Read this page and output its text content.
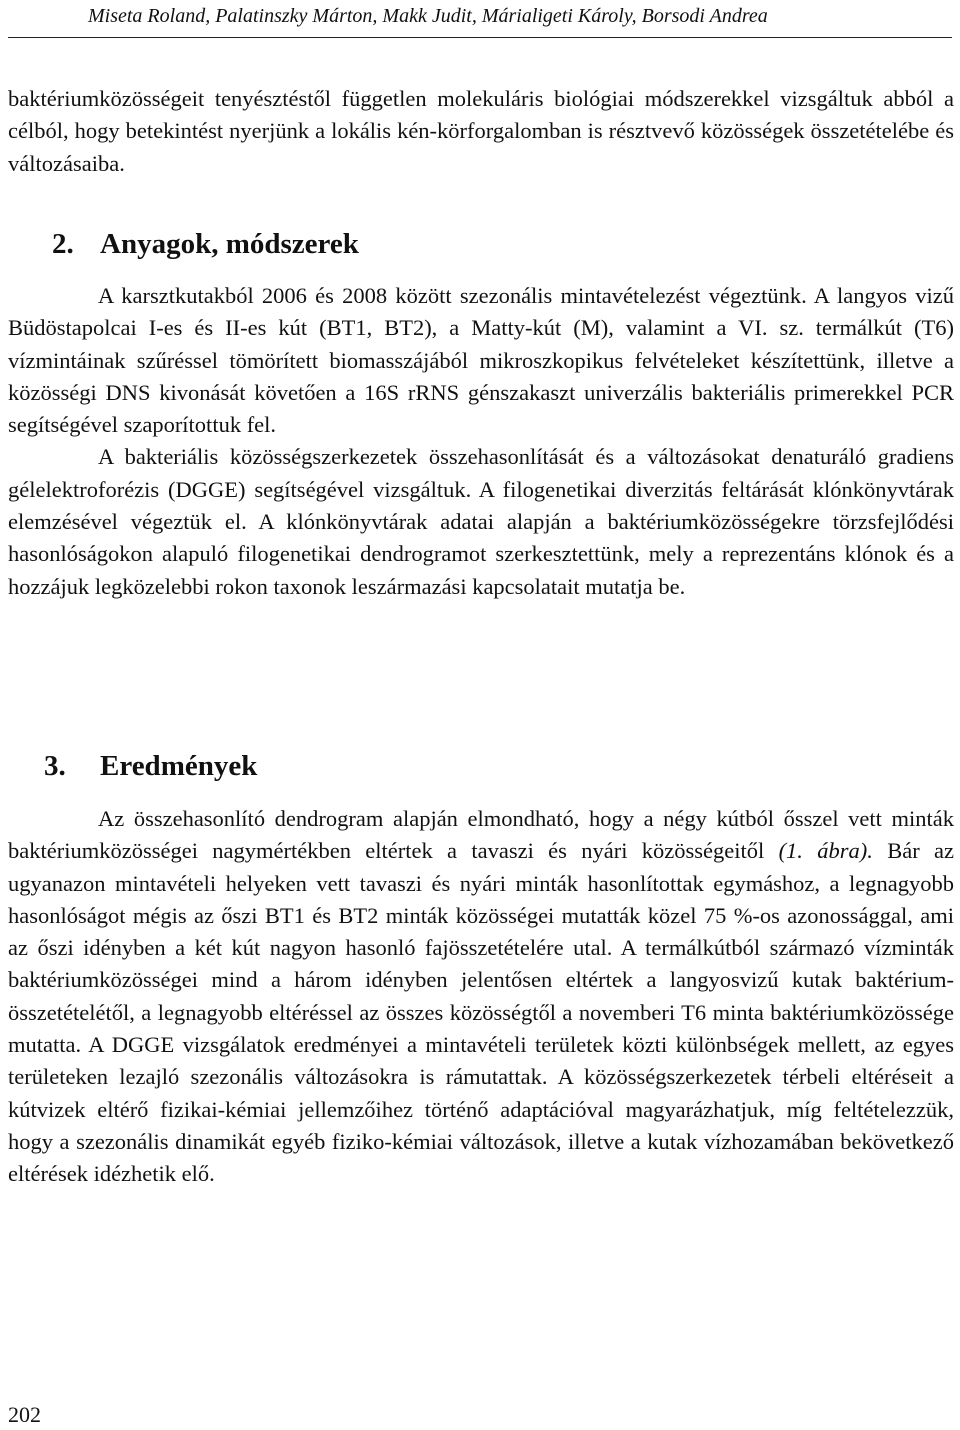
Miseta Roland, Palatinszky Márton, Makk Judit, Márialigeti Károly, Borsodi Andrea

baktériumközösségeit tenyésztéstől független molekuláris biológiai módszerekkel vizsgáltuk abból a célból, hogy betekintést nyerjünk a lokális kén-körforgalomban is résztvevő közösségek összetételébe és változásaiba.

2. Anyagok, módszerek

A karsztkutakból 2006 és 2008 között szezonális mintavételezést végeztünk. A langyos vizű Büdöstapolcai I-es és II-es kút (BT1, BT2), a Matty-kút (M), valamint a VI. sz. termálkút (T6) vízmintáinak szűréssel tömörített biomasszájából mikroszkopikus felvételeket készítettünk, illetve a közösségi DNS kivonását követően a 16S rRNS génszakaszt univerzális bakteriális primerekkel PCR segítségével szaporítottuk fel.

A bakteriális közösségszerkezetek összehasonlítását és a változásokat denaturáló gradiens gélelektroforézis (DGGE) segítségével vizsgáltuk. A filogenetikai diverzitás feltárását klónkönyvtárak elemzésével végeztük el. A klónkönyvtárak adatai alapján a baktériumközösségekre törzsfejlődési hasonlóságokon alapuló filogenetikai dendrogramot szerkesztettünk, mely a reprezentáns klónok és a hozzájuk legközelebbi rokon taxonok leszármazási kapcsolatait mutatja be.

3. Eredmények

Az összehasonlító dendrogram alapján elmondható, hogy a négy kútból ősszel vett minták baktériumközösségei nagymértékben eltértek a tavaszi és nyári közösségeitől (1. ábra). Bár az ugyanazon mintavételi helyeken vett tavaszi és nyári minták hasonlítottak egymáshoz, a legnagyobb hasonlóságot mégis az őszi BT1 és BT2 minták közösségei mutatták közel 75 %-os azonossággal, ami az őszi idényben a két kút nagyon hasonló fajösszetételére utal. A termálkútból származó vízminták baktériumközösségei mind a három idényben jelentősen eltértek a langyosvizű kutak baktérium-összetételétől, a legnagyobb eltéréssel az összes közösségtől a novemberi T6 minta baktériumközössége mutatta. A DGGE vizsgálatok eredményei a mintavételi területek közti különbségek mellett, az egyes területeken lezajló szezonális változásokra is rámutattak. A közösségszerkezetek térbeli eltéréseit a kútvizek eltérő fizikai-kémiai jellemzőihez történő adaptációval magyarázhatjuk, míg feltételezzük, hogy a szezonális dinamikát egyéb fiziko-kémiai változások, illetve a kutak vízhozamában bekövetkező eltérések idézhetik elő.

202
